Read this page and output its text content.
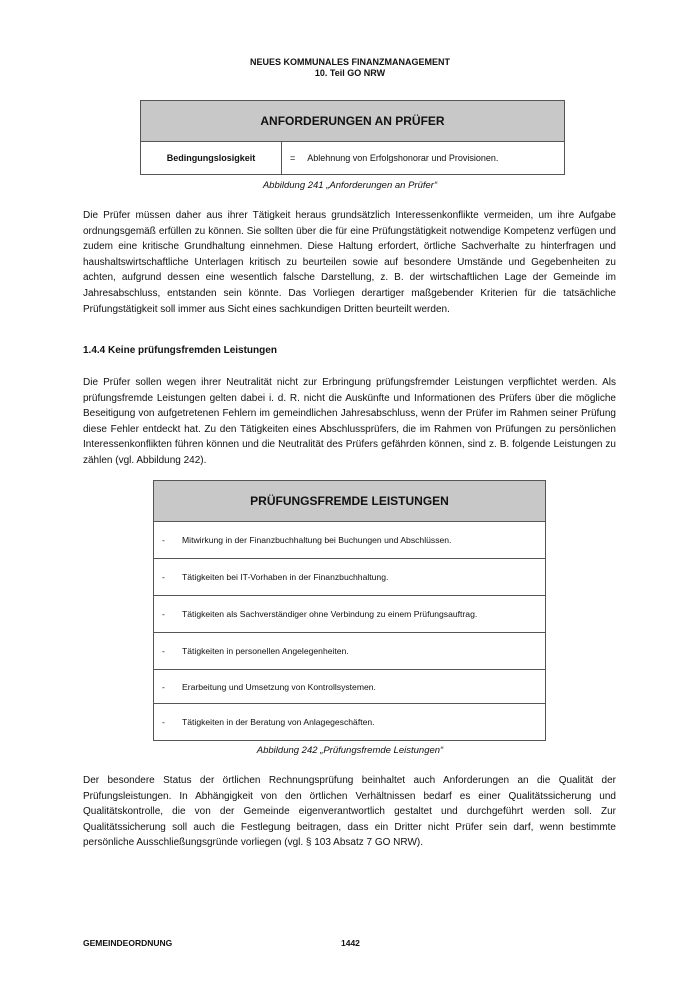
NEUES KOMMUNALES FINANZMANAGEMENT
10. Teil GO NRW
ANFORDERUNGEN AN PRÜFER
Bedingungslosigkeit	=     Ablehnung von Erfolgshonorar und Provisionen.
Abbildung 241 „Anforderungen an Prüfer“

Die Prüfer müssen daher aus ihrer Tätigkeit heraus grundsätzlich Interessenkonflikte vermeiden, um ihre Aufgabe ordnungsgemäß erfüllen zu können. Sie sollten über die für eine Prüfungstätigkeit notwendige Kompetenz verfügen und zudem eine kritische Grundhaltung einnehmen. Diese Haltung erfordert, örtliche Sachverhalte zu hinterfragen und haushaltswirtschaftliche Unterlagen kritisch zu beurteilen sowie auf besondere Umstände und Gegebenheiten zu achten, aufgrund dessen eine wesentlich falsche Darstellung, z. B. der wirtschaftlichen Lage der Gemeinde im Jahresabschluss, entstanden sein könnte. Das Vorliegen derartiger maßgebender Kriterien für die tatsächliche Prüfungstätigkeit soll immer aus Sicht eines sachkundigen Dritten beurteilt werden.

1.4.4 Keine prüfungsfremden Leistungen

Die Prüfer sollen wegen ihrer Neutralität nicht zur Erbringung prüfungsfremder Leistungen verpflichtet werden. Als prüfungsfremde Leistungen gelten dabei i. d. R. nicht die Auskünfte und Informationen des Prüfers über die mögliche Beseitigung von aufgetretenen Fehlern im gemeindlichen Jahresabschluss, wenn der Prüfer im Rahmen seiner Prüfung diese Fehler entdeckt hat. Zu den Tätigkeiten eines Abschlussprüfers, die im Rahmen von Prüfungen zu persönlichen Interessenkonflikten führen können und die Neutralität des Prüfers gefährden können, sind z. B. folgende Leistungen zu zählen (vgl. Abbildung 242).

PRÜFUNGSFREMDE LEISTUNGEN
- Mitwirkung in der Finanzbuchhaltung bei Buchungen und Abschlüssen.
- Tätigkeiten bei IT-Vorhaben in der Finanzbuchhaltung.
- Tätigkeiten als Sachverständiger ohne Verbindung zu einem Prüfungsauftrag.
- Tätigkeiten in personellen Angelegenheiten.
- Erarbeitung und Umsetzung von Kontrollsystemen.
- Tätigkeiten in der Beratung von Anlagegeschäften.
Abbildung 242 „Prüfungsfremde Leistungen“

Der besondere Status der örtlichen Rechnungsprüfung beinhaltet auch Anforderungen an die Qualität der Prüfungsleistungen. In Abhängigkeit von den örtlichen Verhältnissen bedarf es einer Qualitätssicherung und Qualitätskontrolle, die von der Gemeinde eigenverantwortlich gestaltet und durchgeführt werden soll. Zur Qualitätssicherung soll auch die Festlegung beitragen, dass ein Dritter nicht Prüfer sein darf, wenn bestimmte persönliche Ausschließungsgründe vorliegen (vgl. § 103 Absatz 7 GO NRW).

GEMEINDEORDNUNG	1442
